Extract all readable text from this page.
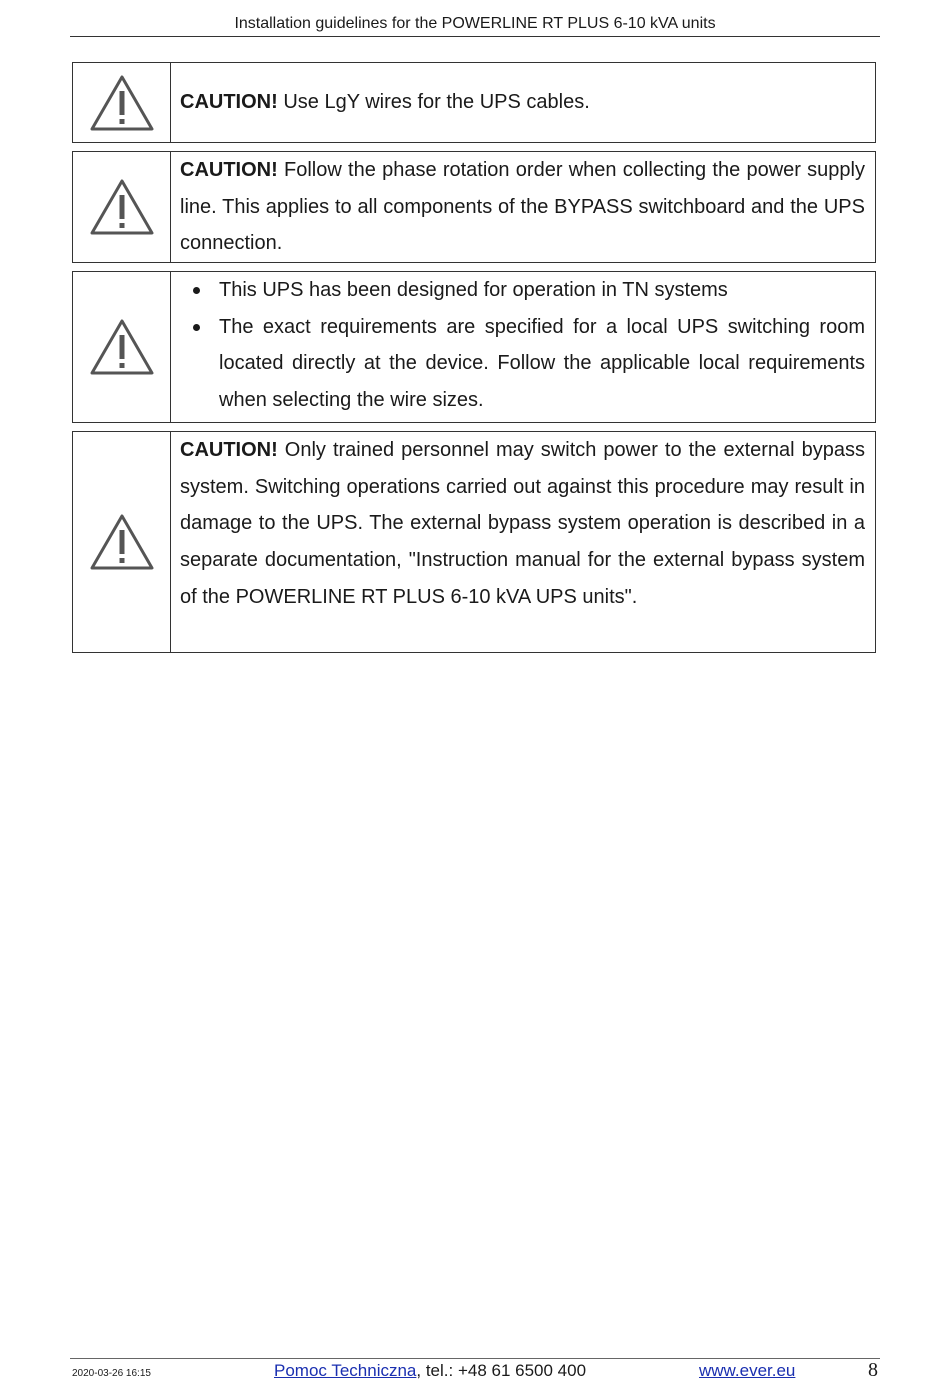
Installation guidelines for the POWERLINE RT PLUS 6-10 kVA units
CAUTION! Use LgY wires for the UPS cables.
CAUTION! Follow the phase rotation order when collecting the power supply line. This applies to all components of the BYPASS switchboard and the UPS connection.
This UPS has been designed for operation in TN systems
The exact requirements are specified for a local UPS switching room located directly at the device. Follow the applicable local requirements when selecting the wire sizes.
CAUTION! Only trained personnel may switch power to the external bypass system. Switching operations carried out against this procedure may result in damage to the UPS. The external bypass system operation is described in a separate documentation, "Instruction manual for the external bypass system of the POWERLINE RT PLUS 6-10 kVA UPS units".
2020-03-26 16:15	Pomoc Techniczna, tel.: +48 61 6500 400	www.ever.eu	8
